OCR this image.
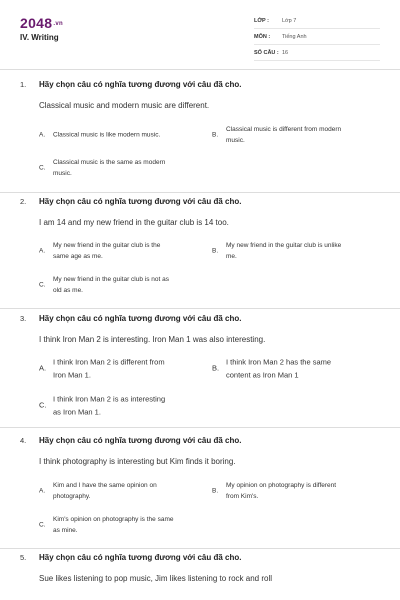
2048.vn
IV. Writing
LỚP :	Lớp 7
MÔN :	Tiếng Anh
SỐ CÂU : 16
1. Hãy chọn câu có nghĩa tương đương với câu đã cho.
Classical music and modern music are different.
A. Classical music is like modern music.	B.
Classical music is different from modern
music.
C.
Classical music is the same as modern
music.
2. Hãy chọn câu có nghĩa tương đương với câu đã cho.
I am 14 and my new friend in the guitar club is 14 too.
A.
My new friend in the guitar club is the
same age as me.
B.
My new friend in the guitar club is unlike
me.
C.
My new friend in the guitar club is not as
old as me.
3. Hãy chọn câu có nghĩa tương đương với câu đã cho.
I think Iron Man 2 is interesting. Iron Man 1 was also interesting.
A.
I think Iron Man 2 is different from
Iron Man 1.
B.
I think Iron Man 2 has the same
content as Iron Man 1
C.
I think Iron Man 2 is as interesting
as Iron Man 1.
4. Hãy chọn câu có nghĩa tương đương với câu đã cho.
I think photography is interesting but Kim finds it boring.
A.
Kim and I have the same opinion on
photography.
B.
My opinion on photography is different
from Kim's.
C.
Kim's opinion on photography is the same
as mine.
5. Hãy chọn câu có nghĩa tương đương với câu đã cho.
Sue likes listening to pop music, Jim likes listening to rock and roll
